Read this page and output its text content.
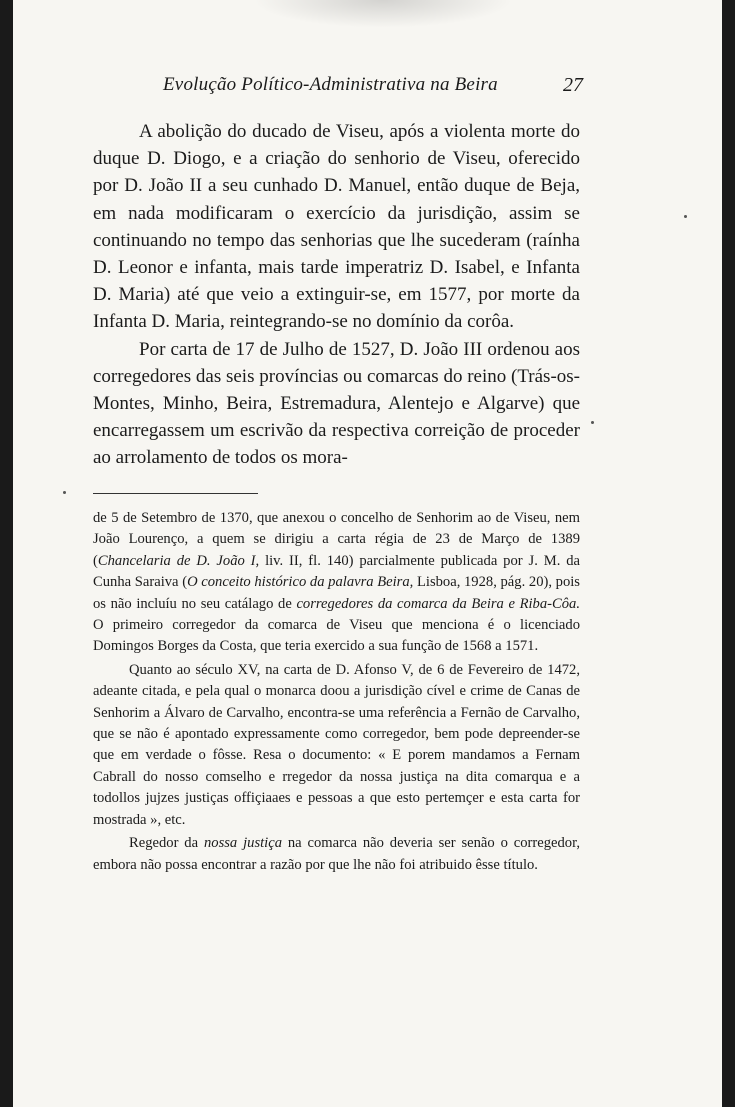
Evolução Político-Administrativa na Beira	27

A abolição do ducado de Viseu, após a violenta morte do duque D. Diogo, e a criação do senhorio de Viseu, oferecido por D. João II a seu cunhado D. Manuel, então duque de Beja, em nada modificaram o exercício da jurisdição, assim se continuando no tempo das senhorias que lhe sucederam (raínha D. Leonor e infanta, mais tarde imperatriz D. Isabel, e Infanta D. Maria) até que veio a extinguir-se, em 1577, por morte da Infanta D. Maria, reintegrando-se no domínio da corôa.

Por carta de 17 de Julho de 1527, D. João III ordenou aos corregedores das seis províncias ou comarcas do reino (Trás-os-Montes, Minho, Beira, Estremadura, Alentejo e Algarve) que encarregassem um escrivão da respectiva correição de proceder ao arrolamento de todos os mora-

de 5 de Setembro de 1370, que anexou o concelho de Senhorim ao de Viseu, nem João Lourenço, a quem se dirigiu a carta régia de 23 de Março de 1389 (Chancelaria de D. João I, liv. II, fl. 140) parcialmente publicada por J. M. da Cunha Saraiva (O conceito histórico da palavra Beira, Lisboa, 1928, pág. 20), pois os não incluíu no seu catálago de corregedores da comarca da Beira e Riba-Côa. O primeiro corregedor da comarca de Viseu que menciona é o licenciado Domingos Borges da Costa, que teria exercido a sua função de 1568 a 1571.

Quanto ao século XV, na carta de D. Afonso V, de 6 de Fevereiro de 1472, adeante citada, e pela qual o monarca doou a jurisdição cível e crime de Canas de Senhorim a Álvaro de Carvalho, encontra-se uma referência a Fernão de Carvalho, que se não é apontado expressamente como corregedor, bem pode depreender-se que em verdade o fôsse. Resa o documento: « E porem mandamos a Fernam Cabrall do nosso comselho e rregedor da nossa justiça na dita comarqua e a todollos jujzes justiças offiçiaaes e pessoas a que esto pertemçer e esta carta for mostrada », etc.

Regedor da nossa justiça na comarca não deveria ser senão o corregedor, embora não possa encontrar a razão por que lhe não foi atribuido êsse título.
